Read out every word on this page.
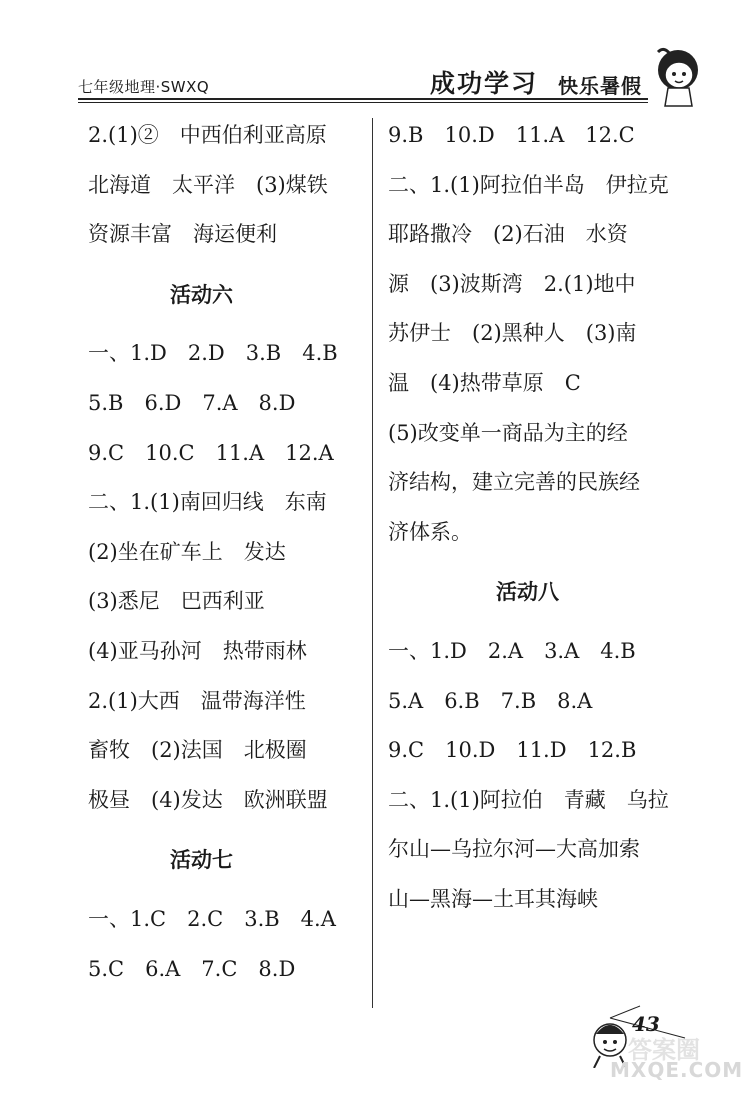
七年级地理·SWXQ	成功学习 快乐暑假
2.(1)②　中西伯利亚高原
北海道　太平洋　(3)煤铁
资源丰富　海运便利
活动六
一、1.D　2.D　3.B　4.B
5.B　6.D　7.A　8.D
9.C　10.C　11.A　12.A
二、1.(1)南回归线　东南
(2)坐在矿车上　发达
(3)悉尼　巴西利亚
(4)亚马孙河　热带雨林
2.(1)大西　温带海洋性
畜牧　(2)法国　北极圈
极昼　(4)发达　欧洲联盟
活动七
一、1.C　2.C　3.B　4.A
5.C　6.A　7.C　8.D
9.B　10.D　11.A　12.C
二、1.(1)阿拉伯半岛　伊拉克
耶路撒冷　(2)石油　水资
源　(3)波斯湾　2.(1)地中
苏伊士　(2)黑种人　(3)南
温　(4)热带草原　C
(5)改变单一商品为主的经
济结构，建立完善的民族经
济体系。
活动八
一、1.D　2.A　3.A　4.B
5.A　6.B　7.B　8.A
9.C　10.D　11.D　12.B
二、1.(1)阿拉伯　青藏　乌拉
尔山—乌拉尔河—大高加索
山—黑海—土耳其海峡
43
答案圈
MXQE.COM
